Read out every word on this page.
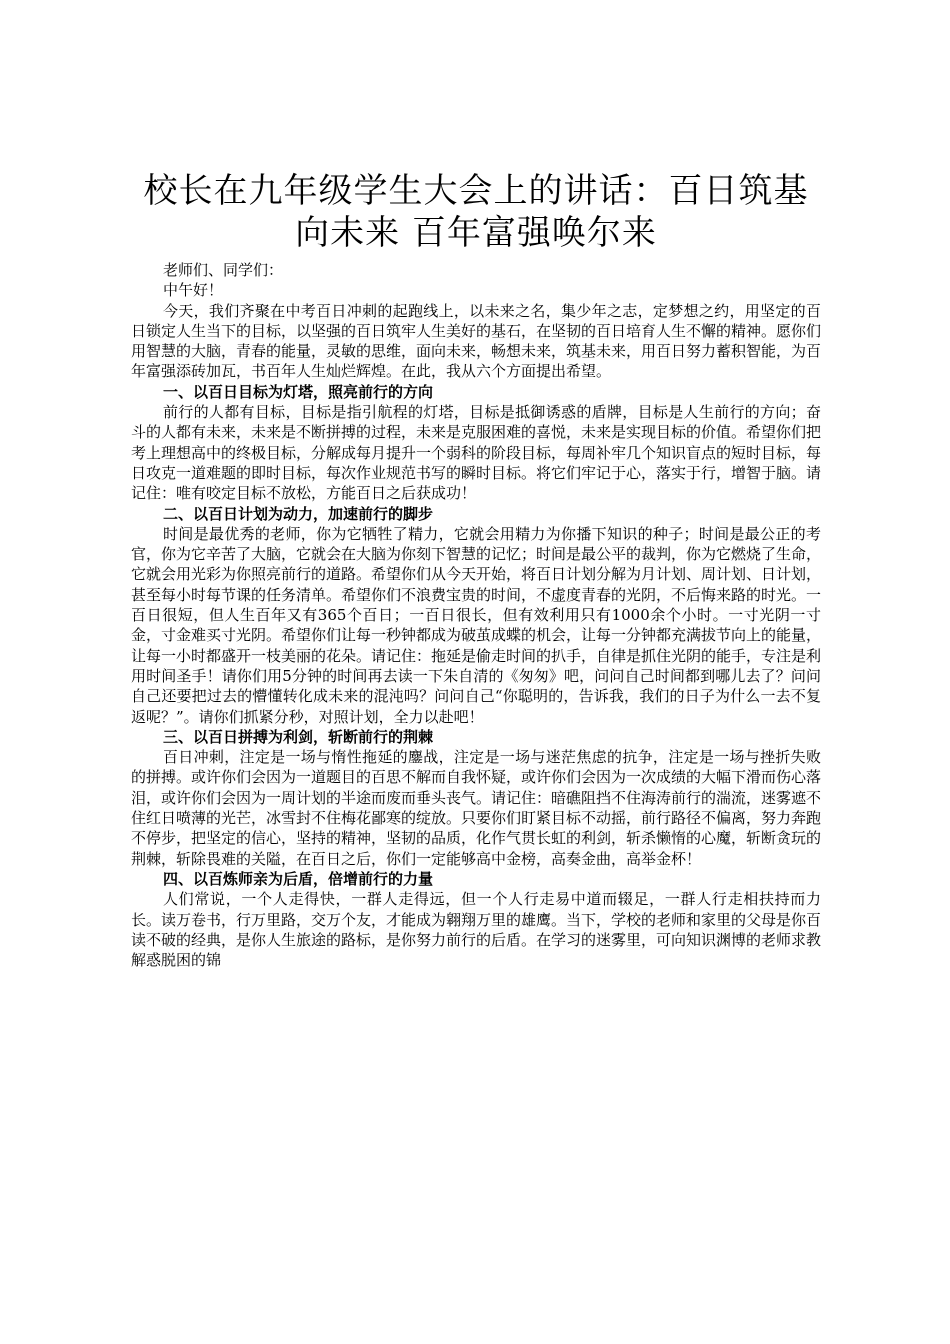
校长在九年级学生大会上的讲话：百日筑基向未来 百年富强唤尔来

老师们、同学们：

中午好！

今天，我们齐聚在中考百日冲刺的起跑线上，以未来之名，集少年之志，定梦想之约，用坚定的百日锁定人生当下的目标，以坚强的百日筑牢人生美好的基石，在坚韧的百日培育人生不懈的精神。愿你们用智慧的大脑，青春的能量，灵敏的思维，面向未来，畅想未来，筑基未来，用百日努力蓄积智能，为百年富强添砖加瓦，书百年人生灿烂辉煌。在此，我从六个方面提出希望。

一、以百日目标为灯塔，照亮前行的方向

前行的人都有目标，目标是指引航程的灯塔，目标是抵御诱惑的盾牌，目标是人生前行的方向；奋斗的人都有未来，未来是不断拼搏的过程，未来是克服困难的喜悦，未来是实现目标的价值。希望你们把考上理想高中的终极目标，分解成每月提升一个弱科的阶段目标，每周补牢几个知识盲点的短时目标，每日攻克一道难题的即时目标，每次作业规范书写的瞬时目标。将它们牢记于心，落实于行，增智于脑。请记住：唯有咬定目标不放松，方能百日之后获成功！

二、以百日计划为动力，加速前行的脚步

时间是最优秀的老师，你为它牺牲了精力，它就会用精力为你播下知识的种子；时间是最公正的考官，你为它辛苦了大脑，它就会在大脑为你刻下智慧的记忆；时间是最公平的裁判，你为它燃烧了生命，它就会用光彩为你照亮前行的道路。希望你们从今天开始，将百日计划分解为月计划、周计划、日计划，甚至每小时每节课的任务清单。希望你们不浪费宝贵的时间，不虚度青春的光阴，不后悔来路的时光。一百日很短，但人生百年又有365个百日；一百日很长，但有效利用只有1000余个小时。一寸光阴一寸金，寸金难买寸光阴。希望你们让每一秒钟都成为破茧成蝶的机会，让每一分钟都充满拔节向上的能量，让每一小时都盛开一枝美丽的花朵。请记住：拖延是偷走时间的扒手，自律是抓住光阴的能手，专注是利用时间圣手！请你们用5分钟的时间再去读一下朱自清的《匆匆》吧，问问自己时间都到哪儿去了？问问自己还要把过去的懵懂转化成未来的混沌吗？问问自己“你聪明的，告诉我，我们的日子为什么一去不复返呢？”。请你们抓紧分秒，对照计划，全力以赴吧！

三、以百日拼搏为利剑，斩断前行的荆棘

百日冲刺，注定是一场与惰性拖延的鏖战，注定是一场与迷茫焦虑的抗争，注定是一场与挫折失败的拼搏。或许你们会因为一道题目的百思不解而自我怀疑，或许你们会因为一次成绩的大幅下滑而伤心落泪，或许你们会因为一周计划的半途而废而垂头丧气。请记住：暗礁阻挡不住海涛前行的湍流，迷雾遮不住红日喷薄的光芒，冰雪封不住梅花鄙寒的绽放。只要你们盯紧目标不动摇，前行路径不偏离，努力奔跑不停步，把坚定的信心，坚持的精神，坚韧的品质，化作气贯长虹的利剑，斩杀懒惰的心魔，斩断贪玩的荆棘，斩除畏难的关隘，在百日之后，你们一定能够高中金榜，高奏金曲，高举金杯！

四、以百炼师亲为后盾，倍增前行的力量

人们常说，一个人走得快，一群人走得远，但一个人行走易中道而辍足，一群人行走相扶持而力长。读万卷书，行万里路，交万个友，才能成为翱翔万里的雄鹰。当下，学校的老师和家里的父母是你百读不破的经典，是你人生旅途的路标，是你努力前行的后盾。在学习的迷雾里，可向知识渊博的老师求教解惑脱困的锦
